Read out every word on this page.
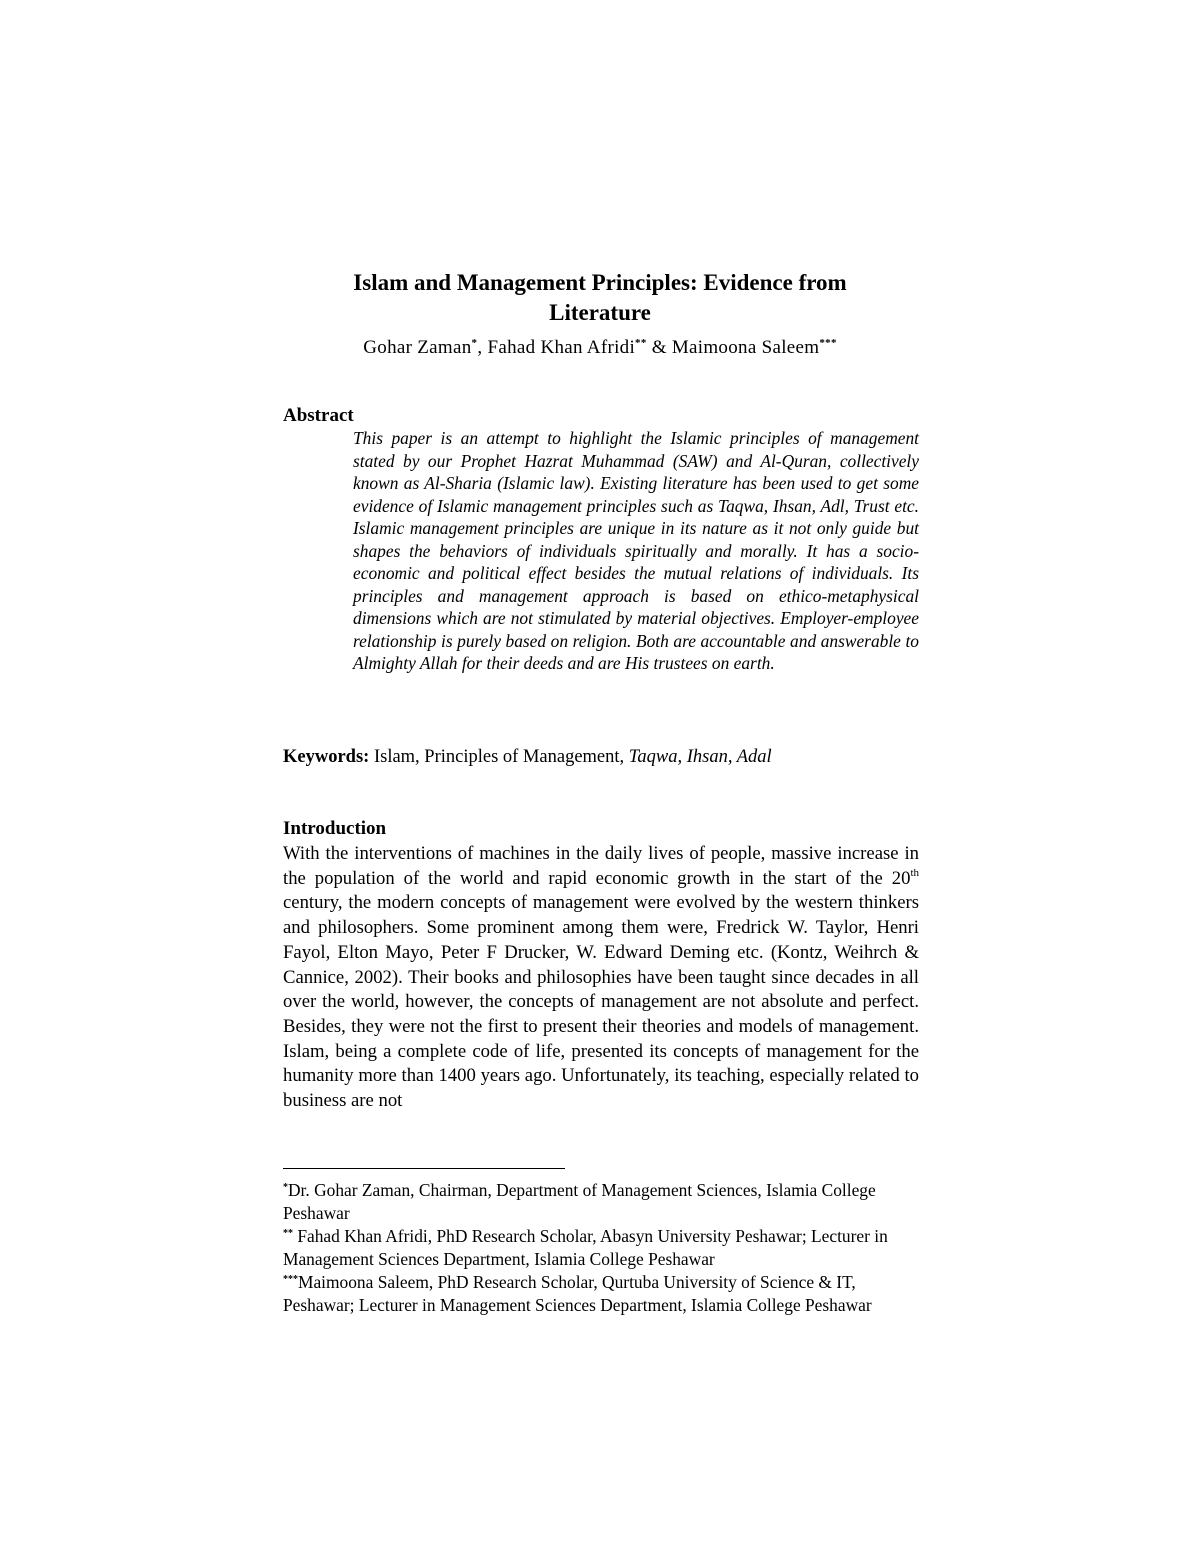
Islam and Management Principles: Evidence from
Literature
Gohar Zaman*, Fahad Khan Afridi** & Maimoona Saleem***
Abstract
This paper is an attempt to highlight the Islamic principles of management stated by our Prophet Hazrat Muhammad (SAW) and Al-Quran, collectively known as Al-Sharia (Islamic law). Existing literature has been used to get some evidence of Islamic management principles such as Taqwa, Ihsan, Adl, Trust etc. Islamic management principles are unique in its nature as it not only guide but shapes the behaviors of individuals spiritually and morally. It has a socio-economic and political effect besides the mutual relations of individuals. Its principles and management approach is based on ethico-metaphysical dimensions which are not stimulated by material objectives. Employer-employee relationship is purely based on religion. Both are accountable and answerable to Almighty Allah for their deeds and are His trustees on earth.
Keywords: Islam, Principles of Management, Taqwa, Ihsan, Adal
Introduction
With the interventions of machines in the daily lives of people, massive increase in the population of the world and rapid economic growth in the start of the 20th century, the modern concepts of management were evolved by the western thinkers and philosophers. Some prominent among them were, Fredrick W. Taylor, Henri Fayol, Elton Mayo, Peter F Drucker, W. Edward Deming etc. (Kontz, Weihrch & Cannice, 2002). Their books and philosophies have been taught since decades in all over the world, however, the concepts of management are not absolute and perfect. Besides, they were not the first to present their theories and models of management. Islam, being a complete code of life, presented its concepts of management for the humanity more than 1400 years ago. Unfortunately, its teaching, especially related to business are not

*Dr. Gohar Zaman, Chairman, Department of Management Sciences, Islamia College Peshawar

** Fahad Khan Afridi, PhD Research Scholar, Abasyn University Peshawar; Lecturer in Management Sciences Department, Islamia College Peshawar

***Maimoona Saleem, PhD Research Scholar, Qurtuba University of Science & IT, Peshawar; Lecturer in Management Sciences Department, Islamia College Peshawar
